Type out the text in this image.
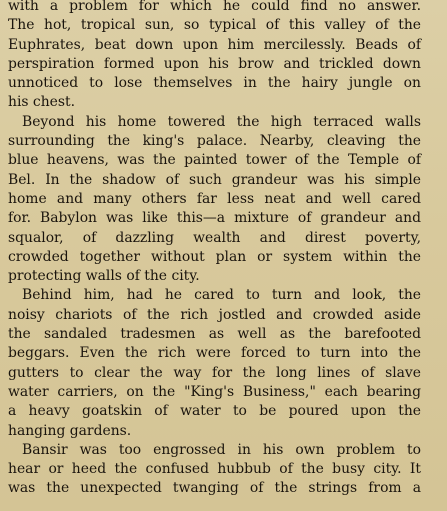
with a problem for which he could find no answer.
The hot, tropical sun, so typical of this valley of the
Euphrates, beat down upon him mercilessly. Beads of
perspiration formed upon his brow and trickled down
unnoticed to lose themselves in the hairy jungle on
his chest.
Beyond his home towered the high terraced walls
surrounding the king's palace. Nearby, cleaving the
blue heavens, was the painted tower of the Temple of
Bel. In the shadow of such grandeur was his simple
home and many others far less neat and well cared
for. Babylon was like this—a mixture of grandeur and
squalor, of dazzling wealth and direst poverty,
crowded together without plan or system within the
protecting walls of the city.
Behind him, had he cared to turn and look, the
noisy chariots of the rich jostled and crowded aside
the sandaled tradesmen as well as the barefooted
beggars. Even the rich were forced to turn into the
gutters to clear the way for the long lines of slave
water carriers, on the "King's Business," each bearing
a heavy goatskin of water to be poured upon the
hanging gardens.
Bansir was too engrossed in his own problem to
hear or heed the confused hubbub of the busy city. It
was the unexpected twanging of the strings from a
